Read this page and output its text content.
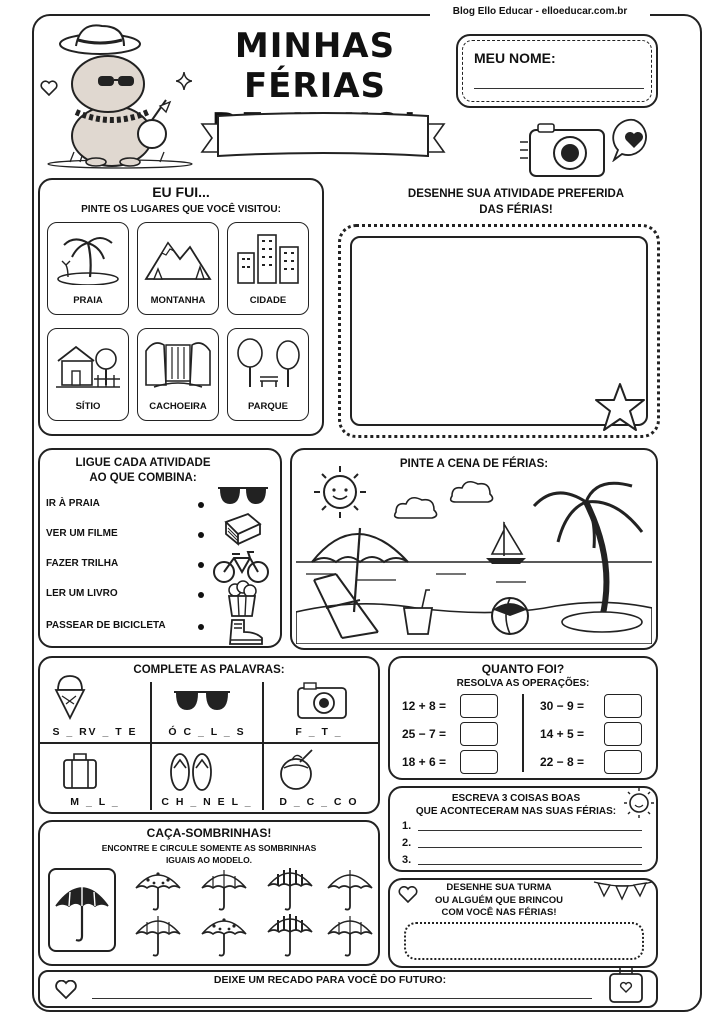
Blog Ello Educar - elloeducar.com.br
MINHAS FÉRIAS
MEU NOME:
EU FUI...
PINTE OS LUGARES QUE VOCÊ VISITOU:
PRAIA	MONTANHA	CIDADE
SÍTIO	CACHOEIRA	PARQUE
DESENHE SUA ATIVIDADE PREFERIDA
DAS FÉRIAS!
LIGUE CADA ATIVIDADE
AO QUE COMBINA:
IR À PRAIA
VER UM FILME
FAZER TRILHA
LER UM LIVRO
PASSEAR DE BICICLETA
PINTE A CENA DE FÉRIAS:
COMPLETE AS PALAVRAS:
S _ RV _ T E	Ó C _ L _ S	F _ T _
M _ L _	C H _ N E L _	D _ C _ C O
QUANTO FOI?
RESOLVA AS OPERAÇÕES:
12 + 8 =
25 − 7 =
18 + 6 =
30 − 9 =
14 + 5 =
22 − 8 =
ESCREVA 3 COISAS BOAS
QUE ACONTECERAM NAS SUAS FÉRIAS:
1.
2.
3.
CAÇA-SOMBRINHAS!
ENCONTRE E CIRCULE SOMENTE AS SOMBRINHAS
IGUAIS AO MODELO.
DESENHE SUA TURMA
OU ALGUÉM QUE BRINCOU
COM VOCÊ NAS FÉRIAS!
DEIXE UM RECADO PARA VOCÊ DO FUTURO:
